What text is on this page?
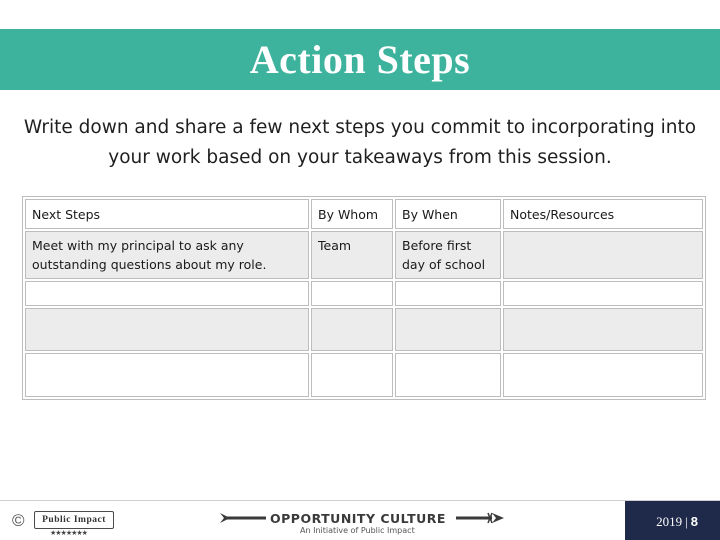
Action Steps

Write down and share a few next steps you commit to incorporating into your work based on your takeaways from this session.

Next Steps	By Whom	By When	Notes/Resources
Meet with my principal to ask any outstanding questions about my role.	Team	Before first day of school	

© Public Impact
★★★★★★★
OPPORTUNITY CULTURE
An Initiative of Public Impact
2019 | 8
